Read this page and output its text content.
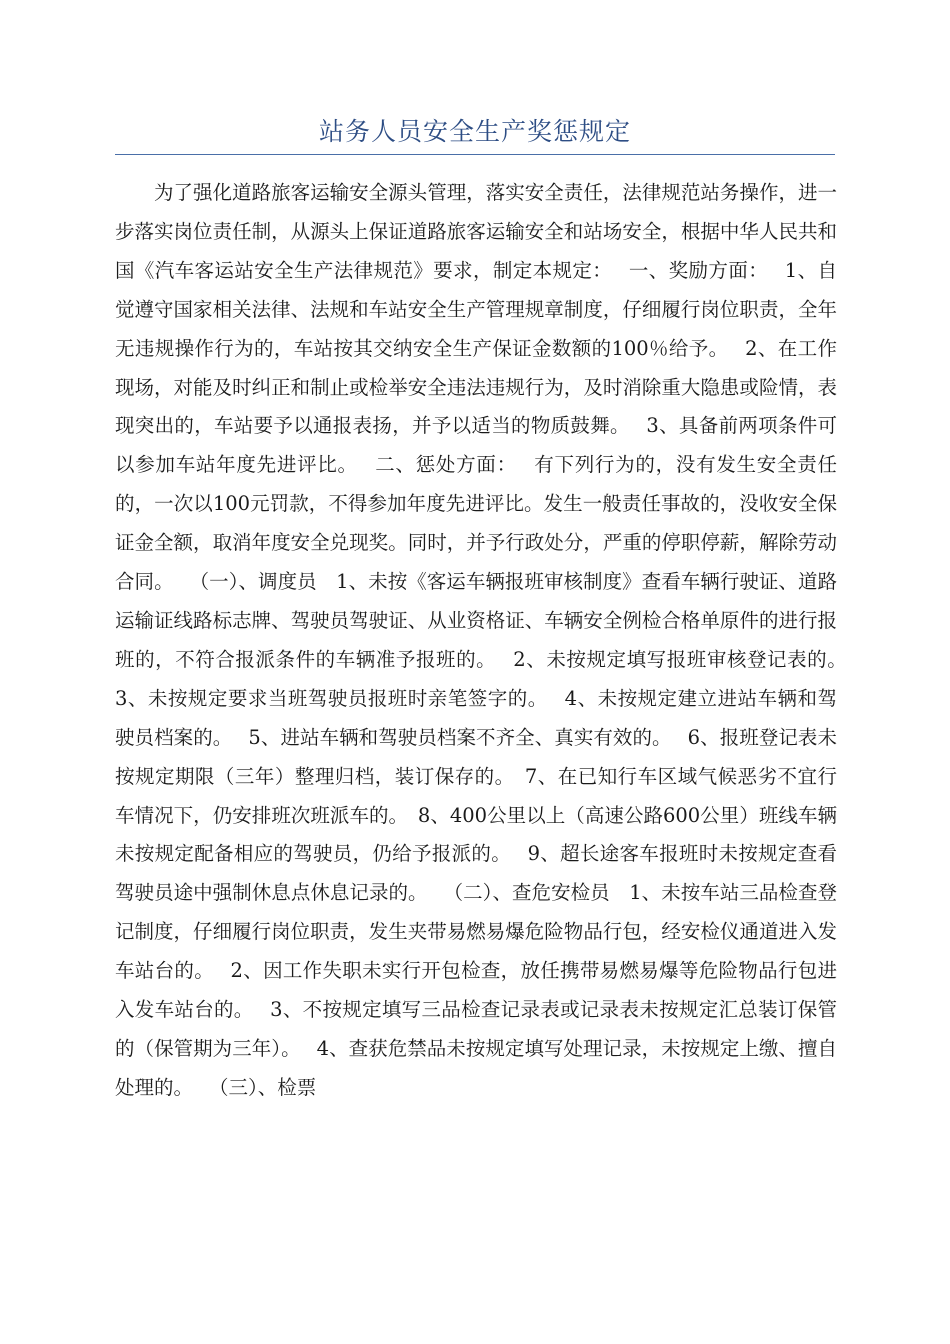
站务人员安全生产奖惩规定

为了强化道路旅客运输安全源头管理，落实安全责任，法律规范站务操作，进一步落实岗位责任制，从源头上保证道路旅客运输安全和站场安全，根据中华人民共和国《汽车客运站安全生产法律规范》要求，制定本规定：　 一、奖励方面：　 1、自觉遵守国家相关法律、法规和车站安全生产管理规章制度，仔细履行岗位职责，全年无违规操作行为的，车站按其交纳安全生产保证金数额的100％给予。　 2、在工作现场，对能及时纠正和制止或检举安全违法违规行为，及时消除重大隐患或险情，表现突出的，车站要予以通报表扬，并予以适当的物质鼓舞。　 3、具备前两项条件可以参加车站年度先进评比。　 二、惩处方面：　 有下列行为的，没有发生安全责任的，一次以100元罚款，不得参加年度先进评比。发生一般责任事故的，没收安全保证金全额，取消年度安全兑现奖。同时，并予行政处分，严重的停职停薪，解除劳动合同。　 （一）、调度员　1、未按《客运车辆报班审核制度》查看车辆行驶证、道路运输证线路标志牌、驾驶员驾驶证、从业资格证、车辆安全例检合格单原件的进行报班的，不符合报派条件的车辆准予报班的。　 2、未按规定填写报班审核登记表的。　3、未按规定要求当班驾驶员报班时亲笔签字的。　 4、未按规定建立进站车辆和驾驶员档案的。　 5、进站车辆和驾驶员档案不齐全、真实有效的。　 6、报班登记表未按规定期限（三年）整理归档，装订保存的。　7、在已知行车区域气候恶劣不宜行车情况下，仍安排班次班派车的。　8、400公里以上（高速公路600公里）班线车辆未按规定配备相应的驾驶员，仍给予报派的。　 9、超长途客车报班时未按规定查看驾驶员途中强制休息点休息记录的。　 （二）、查危安检员　1、未按车站三品检查登记制度，仔细履行岗位职责，发生夹带易燃易爆危险物品行包，经安检仪通道进入发车站台的。　 2、因工作失职未实行开包检查，放任携带易燃易爆等危险物品行包进入发车站台的。　 3、不按规定填写三品检查记录表或记录表未按规定汇总装订保管的（保管期为三年）。　 4、查获危禁品未按规定填写处理记录，未按规定上缴、擅自处理的。　 （三）、检票
